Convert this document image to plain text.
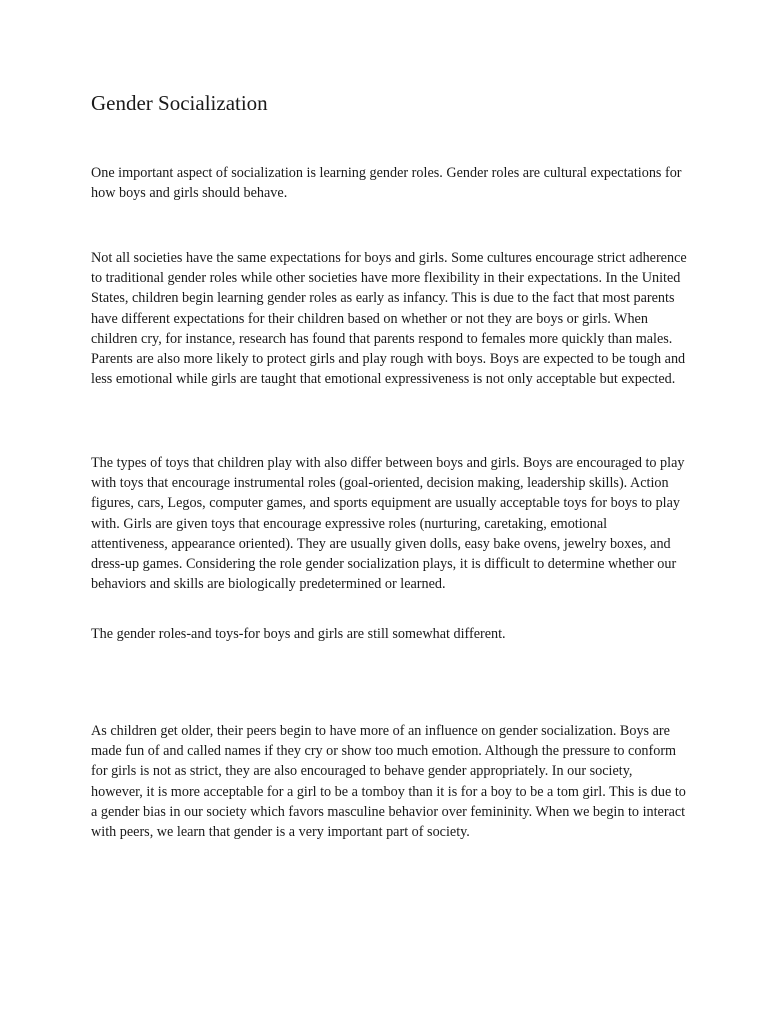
Gender Socialization

One important aspect of socialization is learning gender roles. Gender roles are cultural expectations for how boys and girls should behave.

Not all societies have the same expectations for boys and girls. Some cultures encourage strict adherence to traditional gender roles while other societies have more flexibility in their expectations. In the United States, children begin learning gender roles as early as infancy. This is due to the fact that most parents have different expectations for their children based on whether or not they are boys or girls. When children cry, for instance, research has found that parents respond to females more quickly than males. Parents are also more likely to protect girls and play rough with boys. Boys are expected to be tough and less emotional while girls are taught that emotional expressiveness is not only acceptable but expected.

The types of toys that children play with also differ between boys and girls. Boys are encouraged to play with toys that encourage instrumental roles (goal-oriented, decision making, leadership skills). Action figures, cars, Legos, computer games, and sports equipment are usually acceptable toys for boys to play with. Girls are given toys that encourage expressive roles (nurturing, caretaking, emotional attentiveness, appearance oriented). They are usually given dolls, easy bake ovens, jewelry boxes, and dress-up games. Considering the role gender socialization plays, it is difficult to determine whether our behaviors and skills are biologically predetermined or learned.

The gender roles-and toys-for boys and girls are still somewhat different.

As children get older, their peers begin to have more of an influence on gender socialization. Boys are made fun of and called names if they cry or show too much emotion. Although the pressure to conform for girls is not as strict, they are also encouraged to behave gender appropriately. In our society, however, it is more acceptable for a girl to be a tomboy than it is for a boy to be a tom girl. This is due to a gender bias in our society which favors masculine behavior over femininity. When we begin to interact with peers, we learn that gender is a very important part of society.
